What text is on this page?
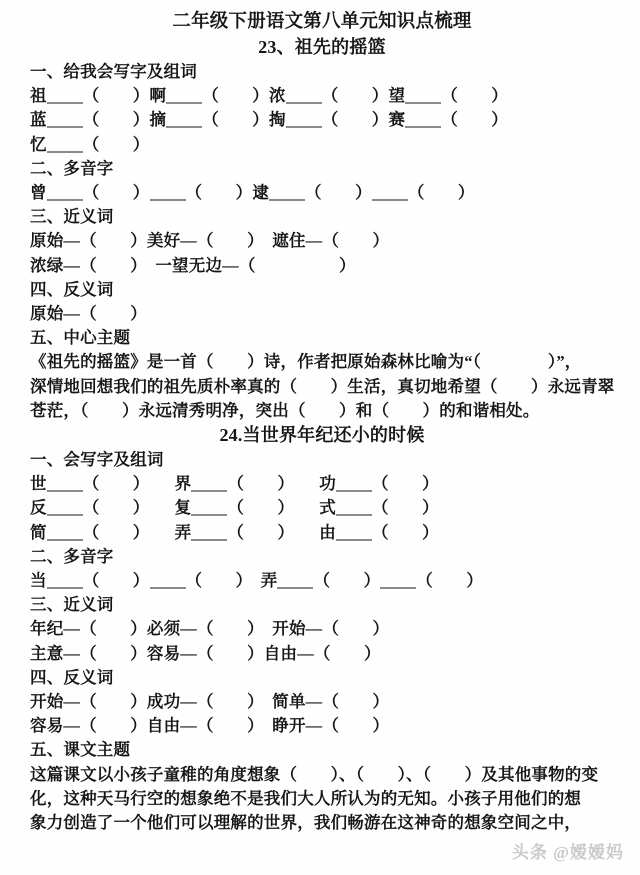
二年级下册语文第八单元知识点梳理
23、祖先的摇篮
一、给我会写字及组词
祖 （　　）啊 （　　）浓 （　　）望 （　　）
蓝 （　　）摘 （　　）掏 （　　）赛 （　　）
忆 （　　）
二、多音字
曾 （　　） （　　）逮 （　　） （　　）
三、近义词
原始—（　　）美好—（　　）　遮住—（　　）
浓绿—（　　）　一望无边—（　　　　　）
四、反义词
原始—（　　）
五、中心主题
《祖先的摇篮》是一首（　　）诗，作者把原始森林比喻为“（　　　　）”，
深情地回想我们的祖先质朴率真的（　　）生活，真切地希望（　　）永远青翠
苍茫，（　　）永远清秀明净，突出（　　）和（　　）的和谐相处。
24.当世界年纪还小的时候
一、会写字及组词
世 （　　）　　界 （　　）　　功 （　　）
反 （　　）　　复 （　　）　　式 （　　）
简 （　　）　　弄 （　　）　　由 （　　）
二、多音字
当 （　　） （　　）　弄 （　　） （　　）
三、近义词
年纪—（　　）必须—（　　）　开始—（　　）
主意—（　　）容易—（　　）自由—（　　）
四、反义词
开始—（　　）成功—（　　）　简单—（　　）
容易—（　　）自由—（　　）　睁开—（　　）
五、课文主题
这篇课文以小孩子童稚的角度想象（　　）、（　　）、（　　）及其他事物的变
化，这种天马行空的想象绝不是我们大人所认为的无知。小孩子用他们的想
象力创造了一个他们可以理解的世界，我们畅游在这神奇的想象空间之中，
头条 @嫒嫒妈
